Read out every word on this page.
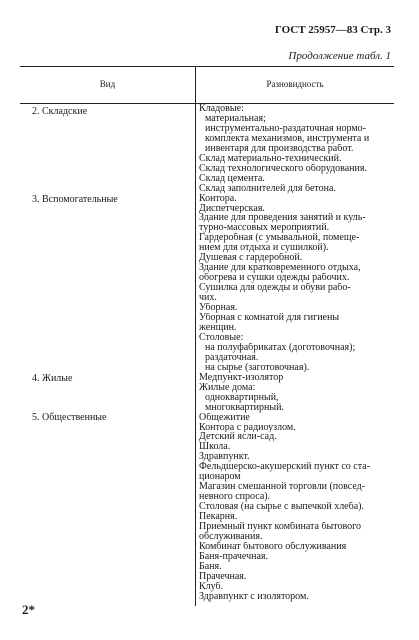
ГОСТ 25957—83 Стр. 3
Продолжение табл. 1
Вид	Разновидность
2. Складские
3. Вспомогательные
4. Жилые
5. Общественные
Кладовые:
материальная;
инструментально-раздаточная нормо-
комплекта механизмов, инструмента и
инвентаря для производства работ.
Склад материально-технический.
Склад технологического оборудования.
Склад цемента.
Склад заполнителей для бетона.
Контора.
Диспетчерская.
Здание для проведения занятий и куль-
турно-массовых мероприятий.
Гардеробная (с умывальной, помеще-
нием для отдыха и сушилкой).
Душевая с гардеробной.
Здание для кратковременного отдыха,
обогрева и сушки одежды рабочих.
Сушилка для одежды и обуви рабо-
чих.
Уборная.
Уборная с комнатой для гигиены
женщин.
Столовые:
на полуфабрикатах (доготовочная);
раздаточная.
на сырье (заготовочная).
Медпункт-изолятор
Жилые дома:
одноквартирный,
многоквартирный.
Общежитие
Контора с радиоузлом.
Детский ясли-сад.
Школа.
Здравпункт.
Фельдшерско-акушерский пункт со ста-
ционаром
Магазин смешанной торговли (повсед-
невного спроса).
Столовая (на сырье с выпечкой хлеба).
Пекарня.
Приемный пункт комбината бытового
обслуживания.
Комбинат бытового обслуживания
Баня-прачечная.
Баня.
Прачечная.
Клуб.
Здравпункт с изолятором.
2*
